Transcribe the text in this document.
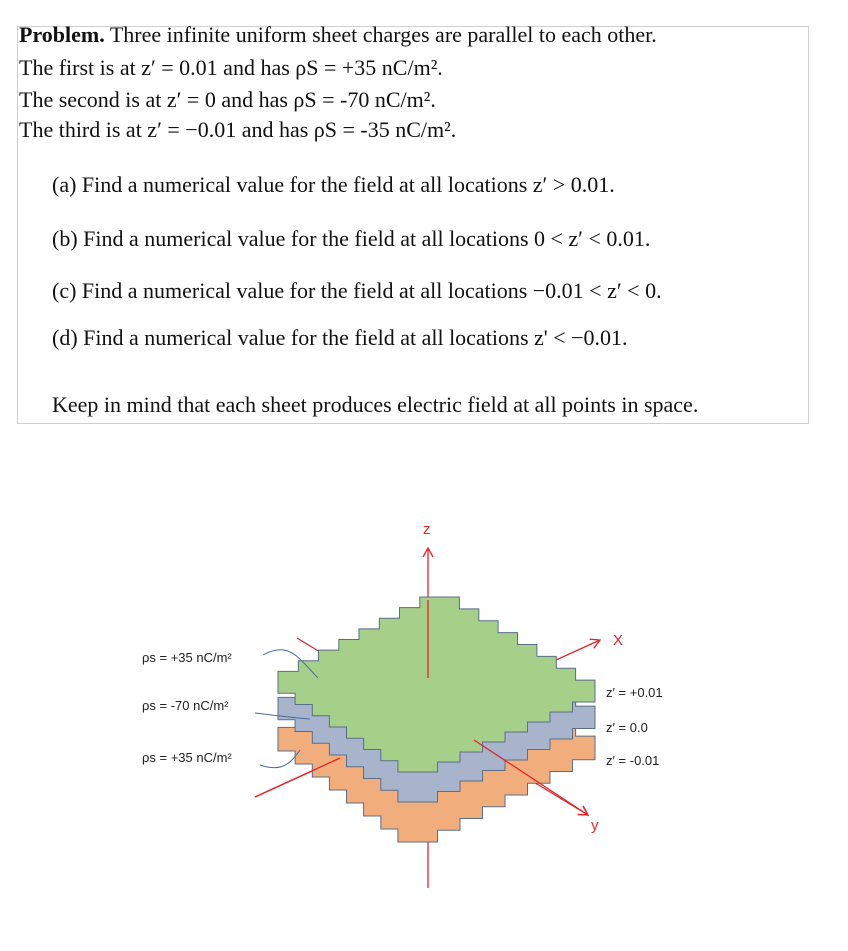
Problem. Three infinite uniform sheet charges are parallel to each other.
The first is at z′ = 0.01 and has ρS = +35 nC/m².
The second is at z′ = 0 and has ρS = -70 nC/m².
The third is at z′ = −0.01 and has ρS = -35 nC/m².
(a) Find a numerical value for the field at all locations z′ > 0.01.
(b) Find a numerical value for the field at all locations 0 < z′ < 0.01.
(c) Find a numerical value for the field at all locations −0.01 < z′ < 0.
(d) Find a numerical value for the field at all locations z' < −0.01.
Keep in mind that each sheet produces electric field at all points in space.
z
X
y
ρs = +35 nC/m²
ρs = -70 nC/m²
ρs = +35 nC/m²
z′ = +0.01
z′ = 0.0
z′ = -0.01
